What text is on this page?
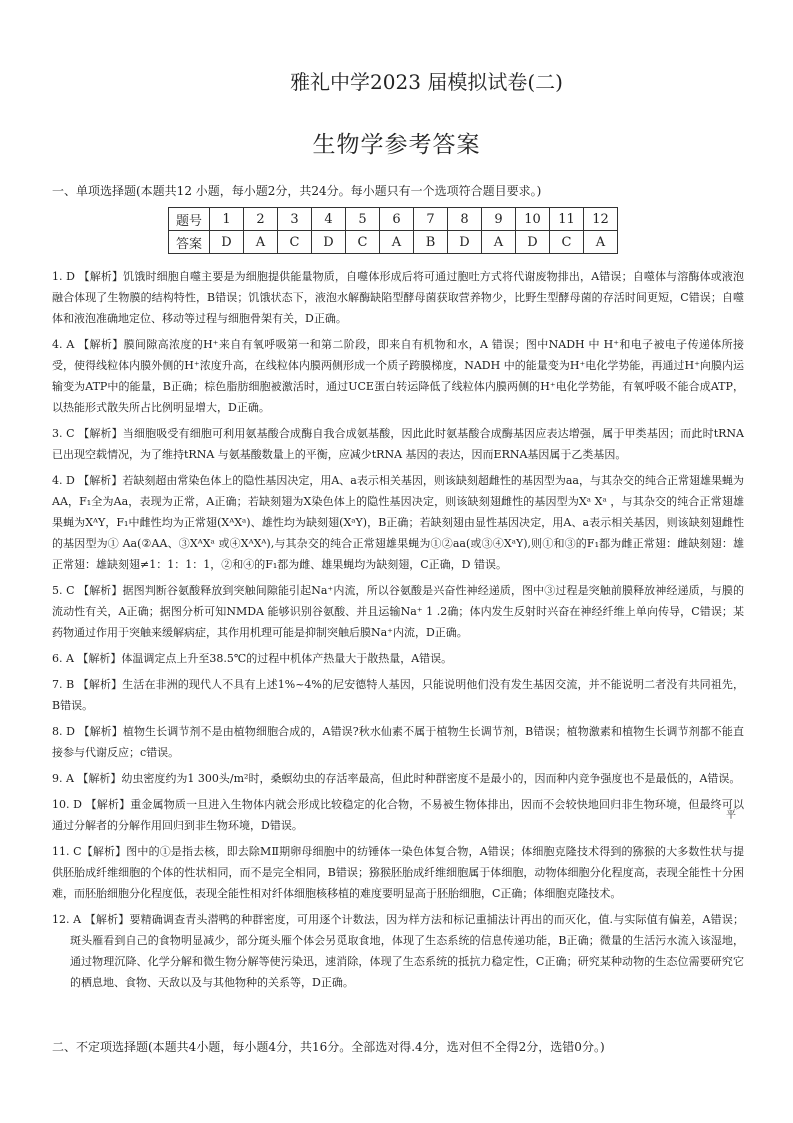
雅礼中学2023 届模拟试卷(二)
生物学参考答案
一、单项选择题(本题共12 小题，每小题2分，共24分。每小题只有一个选项符合题目要求。)
题号	1	2	3	4	5	6	7	8	9	10	11	12
答案	D	A	C	D	C	A	B	D	A	D	C	A

1. D 【解析】饥饿时细胞自噬主要是为细胞提供能量物质，自噬体形成后将可通过胞吐方式将代谢废物排出，A错误；自噬体与溶酶体或液泡融合体现了生物膜的结构特性，B错误；饥饿状态下，液泡水解酶缺陷型酵母菌获取营养物少，比野生型酵母菌的存活时间更短，C错误；自噬体和液泡准确地定位、移动等过程与细胞骨架有关，D正确。

4. A 【解析】膜间隙高浓度的H⁺来自有氧呼吸第一和第二阶段，即来自有机物和水，A 错误；图中NADH 中 H⁺和电子被电子传递体所接受，使得线粒体内膜外侧的H⁺浓度升高，在线粒体内膜两侧形成一个质子跨膜梯度，NADH 中的能量变为H⁺电化学势能，再通过H⁺向膜内运输变为ATP中的能量，B正确；棕色脂肪细胞被激活时，通过UCE蛋白转运降低了线粒体内膜两侧的H⁺电化学势能，有氧呼吸不能合成ATP，以热能形式散失所占比例明显增大，D正确。

3. C 【解析】当细胞吸受有细胞可利用氨基酸合成酶自我合成氨基酸，因此此时氨基酸合成酶基因应表达增强，属于甲类基因；而此时tRNA已出现空载情况，为了维持tRNA 与氨基酸数量上的平衡，应减少tRNA 基因的表达，因而ERNA基因属于乙类基因。

4. D 【解析】若缺刻超由常染色体上的隐性基因决定，用A、a表示相关基因，则该缺刻超雌性的基因型为aa，与其杂交的纯合正常翅雄果蝇为AA，F₁全为Aa，表现为正常，A正确；若缺刻翅为X染色体上的隐性基因决定，则该缺刻翅雌性的基因型为Xᵃ Xᵃ ，与其杂交的纯合正常翅雄果蝇为XᴬY，F₁中雌性均为正常翅(XᴬXᵃ)、雄性均为缺刻翅(XᵃY)，B正确；若缺刻翅由显性基因决定，用A、a表示相关基因，则该缺刻翅雌性的基因型为① Aa(②AA、③XᴬXᵃ 或④XᴬXᴬ),与其杂交的纯合正常翅雄果蝇为①②aa(或③④XᵃY),则①和③的F₁都为雌正常翅：雌缺刻翅：雄正常翅：雄缺刻翅≠1：1：1：1，②和④的F₁都为雌、雄果蝇均为缺刻翅，C正确，D 错误。

5. C 【解析】据图判断谷氨酸释放到突触间隙能引起Na⁺内流，所以谷氨酸是兴奋性神经递质，图中③过程是突触前膜释放神经递质，与膜的流动性有关，A正确；据图分析可知NMDA 能够识别谷氨酸、并且运输Na⁺ 1 .2确；体内发生反射时兴奋在神经纤维上单向传导，C错误；某药物通过作用于突触来缓解病症，其作用机理可能是抑制突触后膜Na⁺内流，D正确。

6. A 【解析】体温调定点上升至38.5℃的过程中机体产热量大于散热量，A错误。

7. B 【解析】生活在非洲的现代人不具有上述1%~4%的尼安德特人基因，只能说明他们没有发生基因交流，并不能说明二者没有共同祖先，B错误。

8. D 【解析】植物生长调节剂不是由植物细胞合成的，A错误?秋水仙素不属于植物生长调节剂，B错误；植物激素和植物生长调节剂都不能直接参与代谢反应；c错误。

9. A 【解析】幼虫密度约为1 300头/m²时，桑螟幼虫的存活率最高，但此时种群密度不是最小的，因而种内竞争强度也不是最低的，A错误。

10. D 【解析】重金属物质一旦进入生物体内就会形成比较稳定的化合物，不易被生物体排出，因而不会较快地回归非生物环境，但最终可以通过分解者的分解作用回归到非生物环境，D错误。

11. C【解析】图中的①是指去核，即去除MⅡ期卵母细胞中的纺锤体一染色体复合物，A错误；体细胞克隆技术得到的猕猴的大多数性状与提供胚胎成纤维细胞的个体的性状相同，而不是完全相同，B错误；猕猴胚胎成纤维细胞属于体细胞，动物体细胞分化程度高，表现全能性十分困难，而胚胎细胞分化程度低，表现全能性相对纤体细胞核移植的难度要明显高于胚胎细胞，C正确；体细胞克隆技术。

12. A 【解析】要精确调查青头潜鸭的种群密度，可用逐个计数法，因为样方法和标记重捕法计再出的而灭化，值.与实际值有偏差，A错误；斑头雁看到自己的食物明显减少，部分斑头雁个体会另觅取食地，体现了生态系统的信息传递功能，B正确；微量的生活污水流入该湿地，通过物理沉降、化学分解和微生物分解等使污染迅，速消除，体现了生态系统的抵抗力稳定性，C正确；研究某种动物的生态位需要研究它的栖息地、食物、天敌以及与其他物种的关系等，D正确。

平
二、不定项选择题(本题共4小题，每小题4分，共16分。全部选对得.4分，选对但不全得2分，选错0分。)
